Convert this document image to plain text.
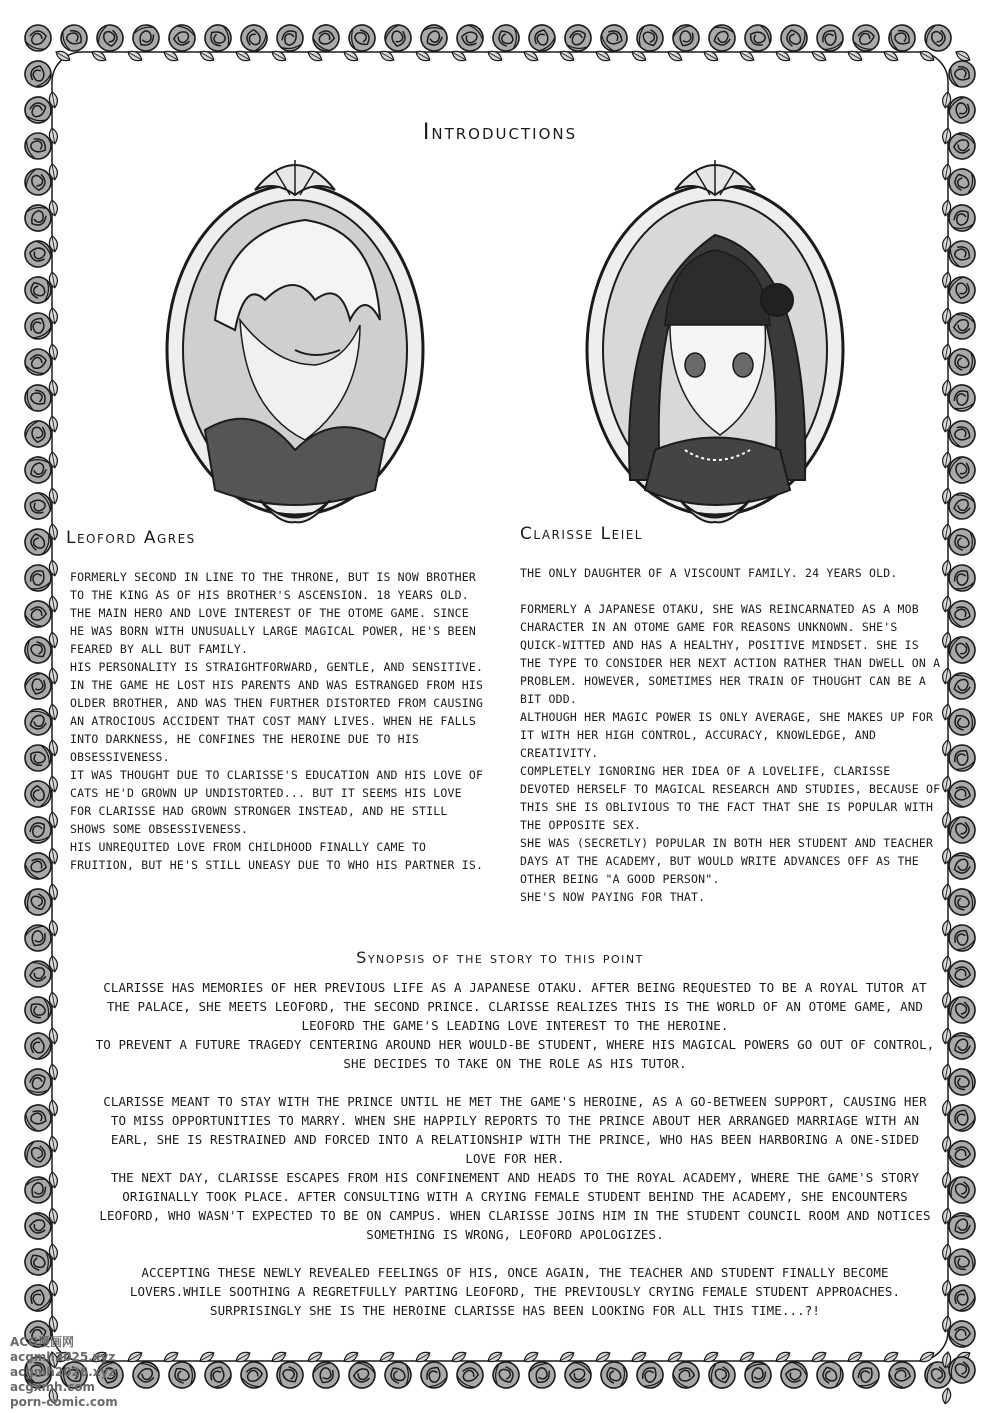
Introductions
Leoford Agres	Clarisse Leiel

FORMERLY SECOND IN LINE TO THE THRONE, BUT IS NOW BROTHER TO THE KING AS OF HIS BROTHER'S ASCENSION. 18 YEARS OLD.

THE MAIN HERO AND LOVE INTEREST OF THE OTOME GAME. SINCE HE WAS BORN WITH UNUSUALLY LARGE MAGICAL POWER, HE'S BEEN FEARED BY ALL BUT FAMILY.

HIS PERSONALITY IS STRAIGHTFORWARD, GENTLE, AND SENSITIVE. IN THE GAME HE LOST HIS PARENTS AND WAS ESTRANGED FROM HIS OLDER BROTHER, AND WAS THEN FURTHER DISTORTED FROM CAUSING AN ATROCIOUS ACCIDENT THAT COST MANY LIVES. WHEN HE FALLS INTO DARKNESS, HE CONFINES THE HEROINE DUE TO HIS OBSESSIVENESS.

IT WAS THOUGHT DUE TO CLARISSE'S EDUCATION AND HIS LOVE OF CATS HE'D GROWN UP UNDISTORTED... BUT IT SEEMS HIS LOVE FOR CLARISSE HAD GROWN STRONGER INSTEAD, AND HE STILL SHOWS SOME OBSESSIVENESS.

HIS UNREQUITED LOVE FROM CHILDHOOD FINALLY CAME TO FRUITION, BUT HE'S STILL UNEASY DUE TO WHO HIS PARTNER IS.

THE ONLY DAUGHTER OF A VISCOUNT FAMILY. 24 YEARS OLD.

FORMERLY A JAPANESE OTAKU, SHE WAS REINCARNATED AS A MOB CHARACTER IN AN OTOME GAME FOR REASONS UNKNOWN. SHE'S QUICK-WITTED AND HAS A HEALTHY, POSITIVE MINDSET. SHE IS THE TYPE TO CONSIDER HER NEXT ACTION RATHER THAN DWELL ON A PROBLEM. HOWEVER, SOMETIMES HER TRAIN OF THOUGHT CAN BE A BIT ODD.

ALTHOUGH HER MAGIC POWER IS ONLY AVERAGE, SHE MAKES UP FOR IT WITH HER HIGH CONTROL, ACCURACY, KNOWLEDGE, AND CREATIVITY.

COMPLETELY IGNORING HER IDEA OF A LOVELIFE, CLARISSE DEVOTED HERSELF TO MAGICAL RESEARCH AND STUDIES, BECAUSE OF THIS SHE IS OBLIVIOUS TO THE FACT THAT SHE IS POPULAR WITH THE OPPOSITE SEX.

SHE WAS (SECRETLY) POPULAR IN BOTH HER STUDENT AND TEACHER DAYS AT THE ACADEMY, BUT WOULD WRITE ADVANCES OFF AS THE OTHER BEING "A GOOD PERSON".

SHE'S NOW PAYING FOR THAT.

Synopsis of the story to this point

CLARISSE HAS MEMORIES OF HER PREVIOUS LIFE AS A JAPANESE OTAKU. AFTER BEING REQUESTED TO BE A ROYAL TUTOR AT THE PALACE, SHE MEETS LEOFORD, THE SECOND PRINCE. CLARISSE REALIZES THIS IS THE WORLD OF AN OTOME GAME, AND LEOFORD THE GAME'S LEADING LOVE INTEREST TO THE HEROINE.

TO PREVENT A FUTURE TRAGEDY CENTERING AROUND HER WOULD-BE STUDENT, WHERE HIS MAGICAL POWERS GO OUT OF CONTROL, SHE DECIDES TO TAKE ON THE ROLE AS HIS TUTOR.

CLARISSE MEANT TO STAY WITH THE PRINCE UNTIL HE MET THE GAME'S HEROINE, AS A GO-BETWEEN SUPPORT, CAUSING HER TO MISS OPPORTUNITIES TO MARRY. WHEN SHE HAPPILY REPORTS TO THE PRINCE ABOUT HER ARRANGED MARRIAGE WITH AN EARL, SHE IS RESTRAINED AND FORCED INTO A RELATIONSHIP WITH THE PRINCE, WHO HAS BEEN HARBORING A ONE-SIDED LOVE FOR HER.

THE NEXT DAY, CLARISSE ESCAPES FROM HIS CONFINEMENT AND HEADS TO THE ROYAL ACADEMY, WHERE THE GAME'S STORY ORIGINALLY TOOK PLACE. AFTER CONSULTING WITH A CRYING FEMALE STUDENT BEHIND THE ACADEMY, SHE ENCOUNTERS LEOFORD, WHO WASN'T EXPECTED TO BE ON CAMPUS. WHEN CLARISSE JOINS HIM IN THE STUDENT COUNCIL ROOM AND NOTICES SOMETHING IS WRONG, LEOFORD APOLOGIZES.

ACCEPTING THESE NEWLY REVEALED FEELINGS OF HIS, ONCE AGAIN, THE TEACHER AND STUDENT FINALLY BECOME LOVERS.WHILE SOOTHING A REGRETFULLY PARTING LEOFORD, THE PREVIOUSLY CRYING FEMALE STUDENT APPROACHES. SURPRISINGLY SHE IS THE HEROINE CLARISSE HAS BEEN LOOKING FOR ALL THIS TIME...?!

ACG漫画网
acgmh2025.xyz
acgmh2026.xyz
acgxmh.com
porn-comic.com
